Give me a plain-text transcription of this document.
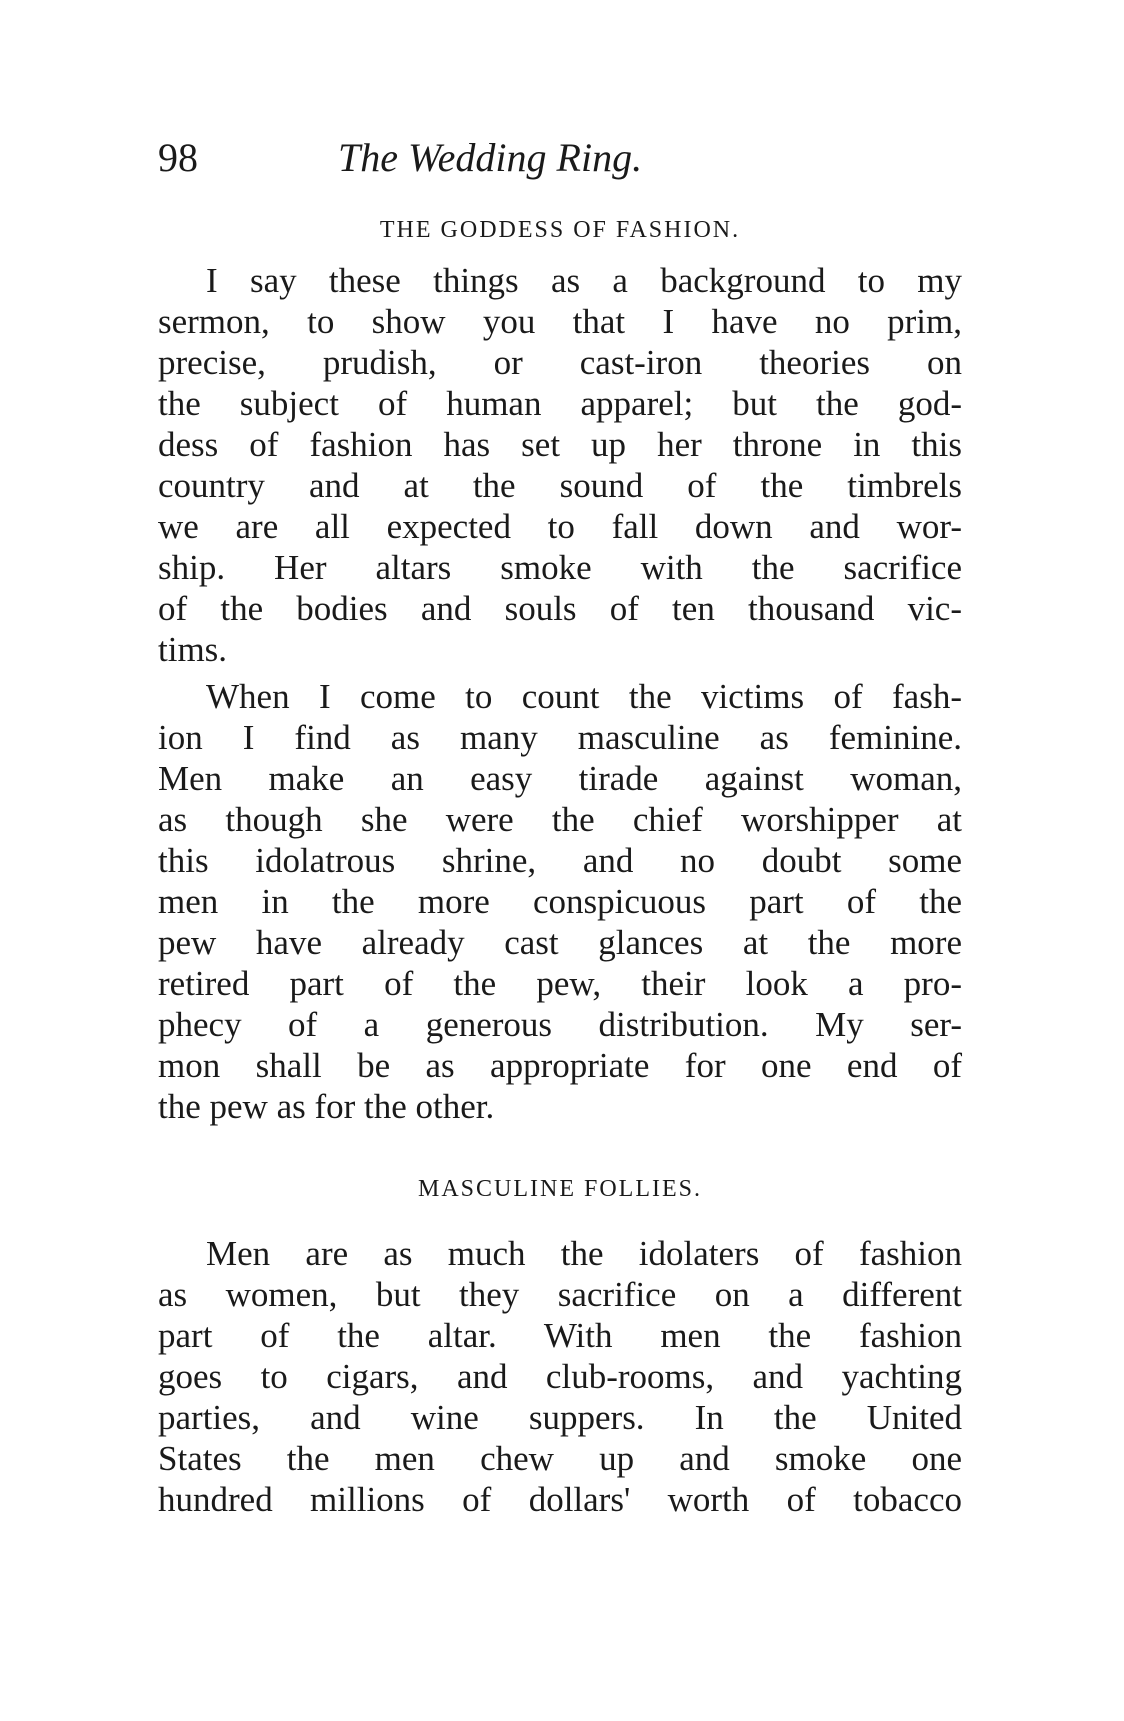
98	The Wedding Ring.
THE GODDESS OF FASHION.
I say these things as a background to my
sermon, to show you that I have no prim,
precise, prudish, or cast-iron theories on
the subject of human apparel; but the god-
dess of fashion has set up her throne in this
country and at the sound of the timbrels
we are all expected to fall down and wor-
ship. Her altars smoke with the sacrifice
of the bodies and souls of ten thousand vic-
tims.
When I come to count the victims of fash-
ion I find as many masculine as feminine.
Men make an easy tirade against woman,
as though she were the chief worshipper at
this idolatrous shrine, and no doubt some
men in the more conspicuous part of the
pew have already cast glances at the more
retired part of the pew, their look a pro-
phecy of a generous distribution. My ser-
mon shall be as appropriate for one end of
the pew as for the other.
MASCULINE FOLLIES.
Men are as much the idolaters of fashion
as women, but they sacrifice on a different
part of the altar. With men the fashion
goes to cigars, and club-rooms, and yachting
parties, and wine suppers. In the United
States the men chew up and smoke one
hundred millions of dollars' worth of tobacco
